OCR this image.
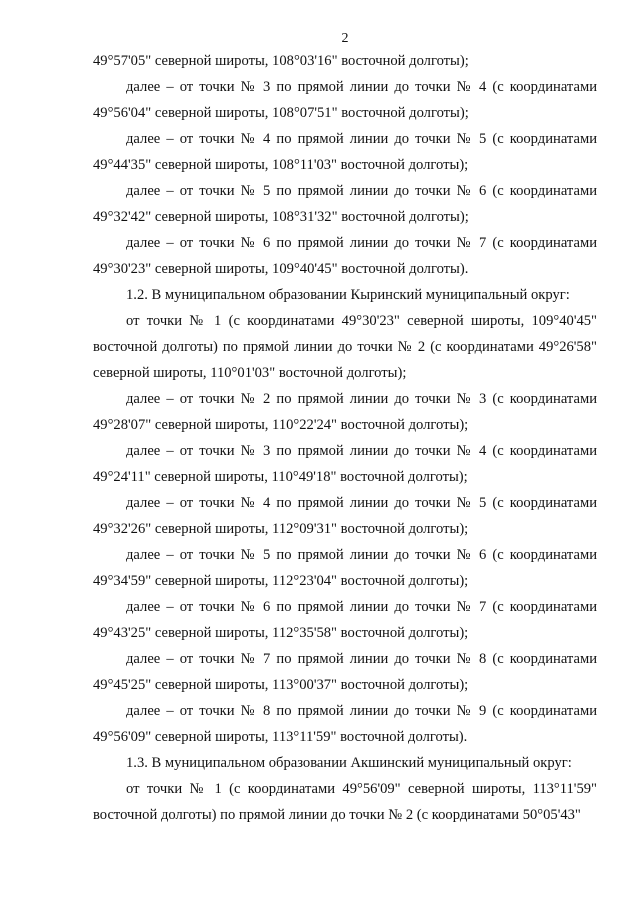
2

49°57'05" северной широты, 108°03'16" восточной долготы);

далее – от точки № 3 по прямой линии до точки № 4 (с координатами 49°56'04" северной широты, 108°07'51" восточной долготы);

далее – от точки № 4 по прямой линии до точки № 5 (с координатами 49°44'35" северной широты, 108°11'03" восточной долготы);

далее – от точки № 5 по прямой линии до точки № 6 (с координатами 49°32'42" северной широты, 108°31'32" восточной долготы);

далее – от точки № 6 по прямой линии до точки № 7 (с координатами 49°30'23" северной широты, 109°40'45" восточной долготы).

1.2. В муниципальном образовании Кыринский муниципальный округ:

от точки № 1 (с координатами 49°30'23" северной широты, 109°40'45" восточной долготы) по прямой линии до точки № 2 (с координатами 49°26'58" северной широты, 110°01'03" восточной долготы);

далее – от точки № 2 по прямой линии до точки № 3 (с координатами 49°28'07" северной широты, 110°22'24" восточной долготы);

далее – от точки № 3 по прямой линии до точки № 4 (с координатами 49°24'11" северной широты, 110°49'18" восточной долготы);

далее – от точки № 4 по прямой линии до точки № 5 (с координатами 49°32'26" северной широты, 112°09'31" восточной долготы);

далее – от точки № 5 по прямой линии до точки № 6 (с координатами 49°34'59" северной широты, 112°23'04" восточной долготы);

далее – от точки № 6 по прямой линии до точки № 7 (с координатами 49°43'25" северной широты, 112°35'58" восточной долготы);

далее – от точки № 7 по прямой линии до точки № 8 (с координатами 49°45'25" северной широты, 113°00'37" восточной долготы);

далее – от точки № 8 по прямой линии до точки № 9 (с координатами 49°56'09" северной широты, 113°11'59" восточной долготы).

1.3. В муниципальном образовании Акшинский муниципальный округ:

от точки № 1 (с координатами 49°56'09" северной широты, 113°11'59" восточной долготы) по прямой линии до точки № 2 (с координатами 50°05'43"
